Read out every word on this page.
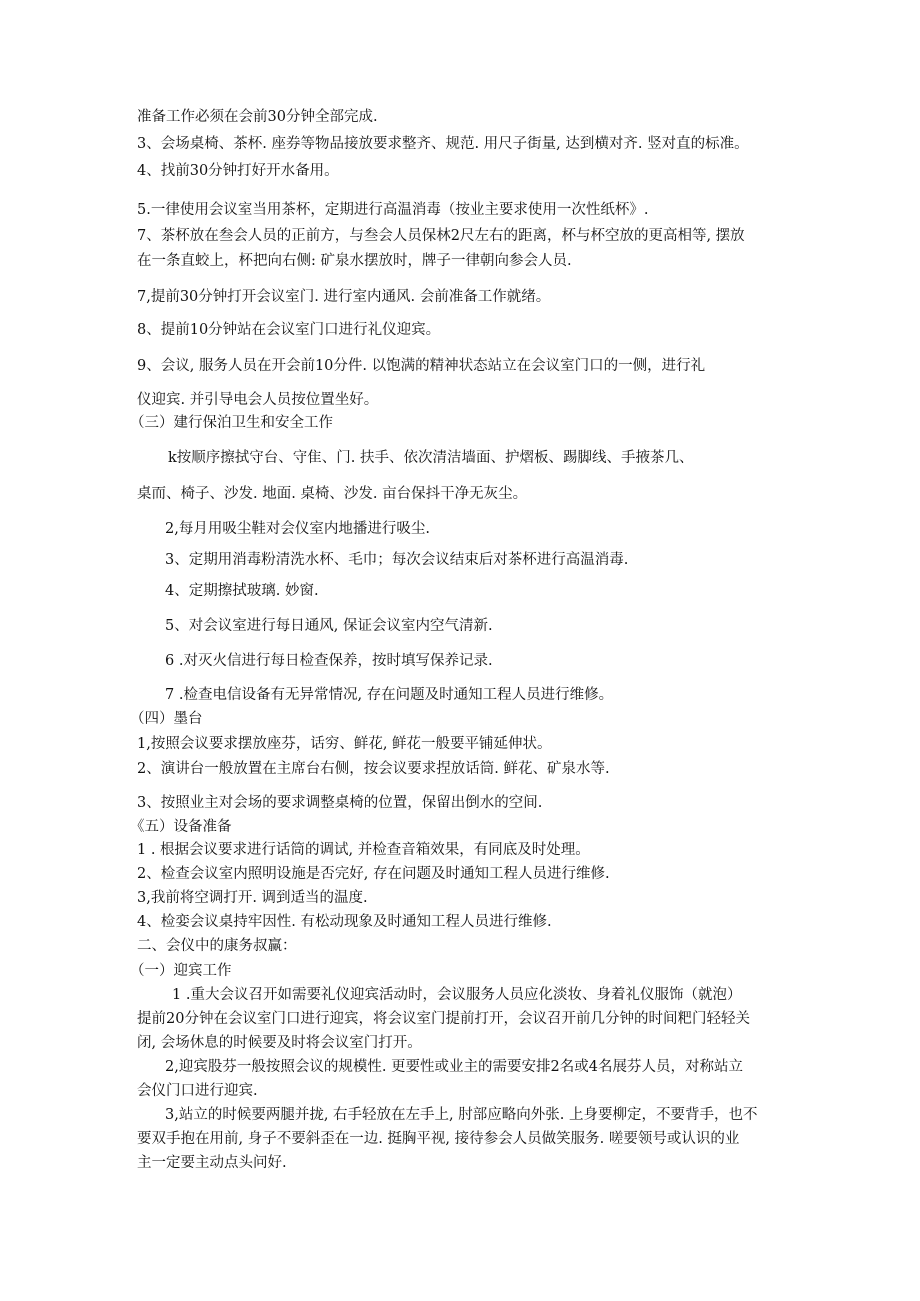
准备工作必须在会前30分钟全部完成.

3、会场桌椅、茶杯. 座券等物品接放要求整齐、规范. 用尺子街量, 达到横对齐. 竖对直的标准。

4、找前30分钟打好开水备用。

5.一律使用会议室当用茶杯，定期进行高温消毒（按业主要求使用一次性纸杯》.

7、茶杯放在叁会人员的正前方，与叁会人员保林2尺左右的距离，杯与杯空放的更高相等, 摆放

在一条直蛟上，杯把向右侧: 矿泉水摆放时，牌子一律朝向参会人员.

7,提前30分钟打开会议室门. 进行室内通风. 会前准备工作就绪。

8、提前10分钟站在会议室门口进行礼仪迎宾。

9、会议, 服务人员在开会前10分件. 以饱满的精神状态站立在会议室门口的一侧，进行礼

仪迎宾. 并引导电会人员按位置坐好。

（三）建行保泊卫生和安全工作

k按顺序擦拭守台、守隹、门. 扶手、依次清洁墙面、护熠板、踢脚线、手掖茶几、

桌而、椅子、沙发. 地面. 桌椅、沙发. 亩台保抖干净无灰尘。

2,每月用吸尘鞋对会仪室内地播进行吸尘.

3、定期用消毒粉清洗水杯、毛巾；每次会议结束后对茶杯进行高温消毒.

4、定期擦拭玻璃. 妙窗.

5、对会议室进行每日通风, 保证会议室内空气清新.

6 .对灭火信进行每日检查保养，按时填写保养记录.

7 .检查电信设备有无异常情况, 存在问题及时通知工程人员进行维修。

（四）墨台

1,按照会议要求摆放座芬，话穷、鲜花, 鲜花一般要平铺延伸状。

2、演讲台一般放置在主席台右侧，按会议要求捏放话筒. 鲜花、矿泉水等.

3、按照业主对会场的要求调整桌椅的位置，保留出倒水的空间.

《五）设备准备

1 . 根据会议要求进行话筒的调试, 并检查音箱效果，有同底及时处理。

2、检查会议室内照明设施是否完好, 存在问题及时通知工程人员进行维修.

3,我前将空调打开. 调到适当的温度.

4、检娈会议桌持牢因性. 有松动现象及时通知工程人员进行维修.

二、会仪中的康务叔赢：

（一）迎宾工作

1 .重大会议召开如需要礼仪迎宾活动时，会议服务人员应化淡妆、身着礼仪服饰（就泡）

提前20分钟在会议室门口进行迎宾，将会议室门提前打开，会议召开前几分钟的时间粑门轻轻关

闭, 会场休息的时候要及时将会议室门打开。

2,迎宾股芬一般按照会议的规模性. 更要性或业主的需要安排2名或4名展芬人员，对称站立

会仪门口进行迎宾.

3,站立的时候要两腿并拢, 右手轻放在左手上, 肘部应略向外张. 上身要柳定，不要背手，也不

要双手抱在用前, 身子不要斜歪在一边. 挺胸平视, 接待参会人员做笑服务. 嗟要领号或认识的业

主一定要主动点头问好.
